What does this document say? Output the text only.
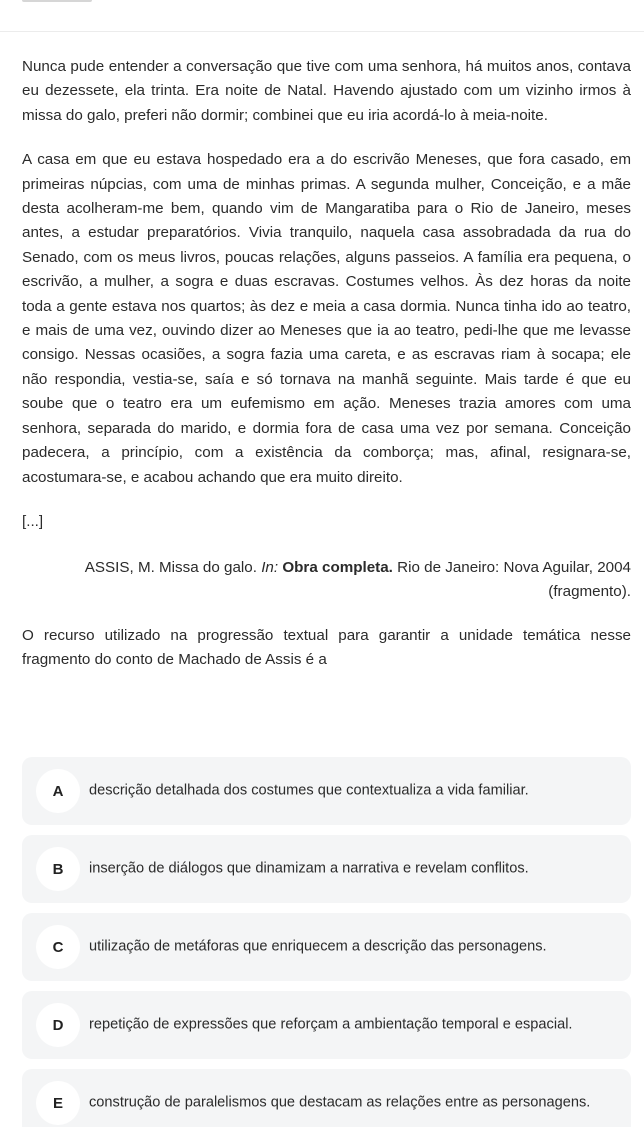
Nunca pude entender a conversação que tive com uma senhora, há muitos anos, contava eu dezessete, ela trinta. Era noite de Natal. Havendo ajustado com um vizinho irmos à missa do galo, preferi não dormir; combinei que eu iria acordá-lo à meia-noite.

A casa em que eu estava hospedado era a do escrivão Meneses, que fora casado, em primeiras núpcias, com uma de minhas primas. A segunda mulher, Conceição, e a mãe desta acolheram-me bem, quando vim de Mangaratiba para o Rio de Janeiro, meses antes, a estudar preparatórios. Vivia tranquilo, naquela casa assobradada da rua do Senado, com os meus livros, poucas relações, alguns passeios. A família era pequena, o escrivão, a mulher, a sogra e duas escravas. Costumes velhos. Às dez horas da noite toda a gente estava nos quartos; às dez e meia a casa dormia. Nunca tinha ido ao teatro, e mais de uma vez, ouvindo dizer ao Meneses que ia ao teatro, pedi-lhe que me levasse consigo. Nessas ocasiões, a sogra fazia uma careta, e as escravas riam à socapa; ele não respondia, vestia-se, saía e só tornava na manhã seguinte. Mais tarde é que eu soube que o teatro era um eufemismo em ação. Meneses trazia amores com uma senhora, separada do marido, e dormia fora de casa uma vez por semana. Conceição padecera, a princípio, com a existência da comborça; mas, afinal, resignara-se, acostumara-se, e acabou achando que era muito direito.

[...]

ASSIS, M. Missa do galo. In: Obra completa. Rio de Janeiro: Nova Aguilar, 2004
(fragmento).

O recurso utilizado na progressão textual para garantir a unidade temática nesse fragmento do conto de Machado de Assis é a

A	descrição detalhada dos costumes que contextualiza a vida familiar.
B	inserção de diálogos que dinamizam a narrativa e revelam conflitos.
C	utilização de metáforas que enriquecem a descrição das personagens.
D	repetição de expressões que reforçam a ambientação temporal e espacial.
E	construção de paralelismos que destacam as relações entre as personagens.
